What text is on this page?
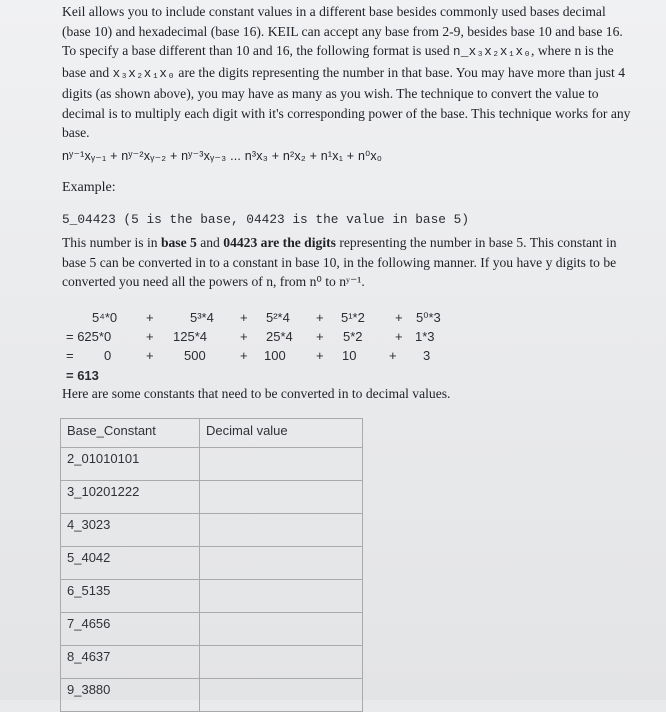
Keil allows you to include constant values in a different base besides commonly used bases decimal (base 10) and hexadecimal (base 16). KEIL can accept any base from 2-9, besides base 10 and base 16. To specify a base different than 10 and 16, the following format is used n_x₃x₂x₁x₀, where n is the base and x₃x₂x₁x₀ are the digits representing the number in that base. You may have more than just 4 digits (as shown above), you may have as many as you wish. The technique to convert the value to decimal is to multiply each digit with it's corresponding power of the base. This technique works for any base.

nʸ⁻¹xᵧ₋₁ + nʸ⁻²xᵧ₋₂ + nʸ⁻³xᵧ₋₃ ... n³x₃ + n²x₂ + n¹x₁ + n⁰x₀
Example:
5_04423 (5 is the base, 04423 is the value in base 5)

This number is in base 5 and 04423 are the digits representing the number in base 5. This constant in base 5 can be converted in to a constant in base 10, in the following manner. If you have y digits to be converted you need all the powers of n, from n⁰ to nʸ⁻¹.

5⁴*0 +	5³*4 + 5²*4 + 5¹*2 + 5⁰*3
= 625*0	+ 125*4	+ 25*4 + 5*2 + 1*3
= 0	+ 500	+ 100 + 10	+ 3
= 613

Here are some constants that need to be converted in to decimal values.

Base_Constant	Decimal value
2_01010101	
3_10201222	
4_3023	
5_4042	
6_5135	
7_4656	
8_4637	
9_3880	
